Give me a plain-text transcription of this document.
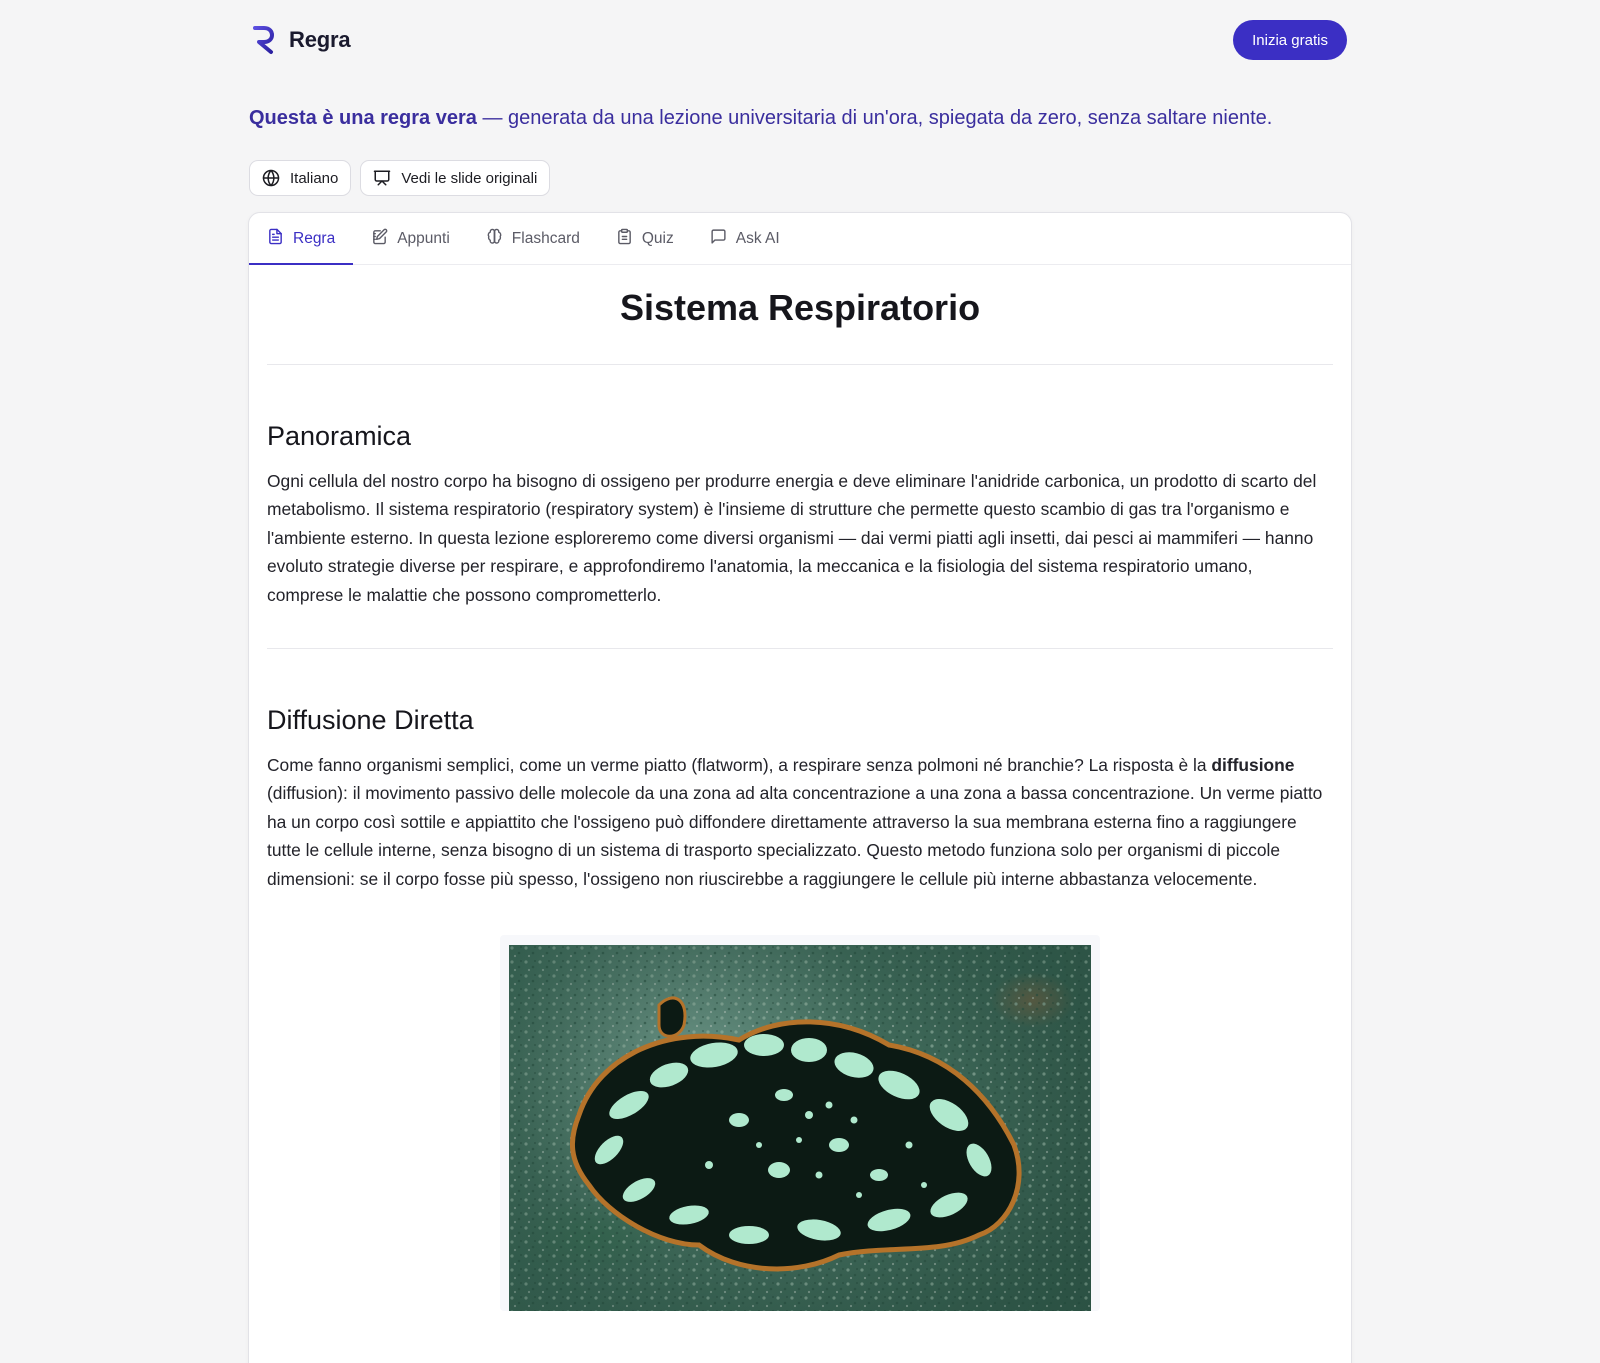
Regra	Inizia gratis
Questa è una regra vera — generata da una lezione universitaria di un'ora, spiegata da zero, senza saltare niente.
Italiano	Vedi le slide originali
Regra	Appunti	Flashcard	Quiz	Ask AI
Sistema Respiratorio
Panoramica

Ogni cellula del nostro corpo ha bisogno di ossigeno per produrre energia e deve eliminare l'anidride carbonica, un prodotto di scarto del metabolismo. Il sistema respiratorio (respiratory system) è l'insieme di strutture che permette questo scambio di gas tra l'organismo e l'ambiente esterno. In questa lezione esploreremo come diversi organismi — dai vermi piatti agli insetti, dai pesci ai mammiferi — hanno evoluto strategie diverse per respirare, e approfondiremo l'anatomia, la meccanica e la fisiologia del sistema respiratorio umano, comprese le malattie che possono comprometterlo.

Diffusione Diretta

Come fanno organismi semplici, come un verme piatto (flatworm), a respirare senza polmoni né branchie? La risposta è la diffusione (diffusion): il movimento passivo delle molecole da una zona ad alta concentrazione a una zona a bassa concentrazione. Un verme piatto ha un corpo così sottile e appiattito che l'ossigeno può diffondere direttamente attraverso la sua membrana esterna fino a raggiungere tutte le cellule interne, senza bisogno di un sistema di trasporto specializzato. Questo metodo funziona solo per organismi di piccole dimensioni: se il corpo fosse più spesso, l'ossigeno non riuscirebbe a raggiungere le cellule più interne abbastanza velocemente.
